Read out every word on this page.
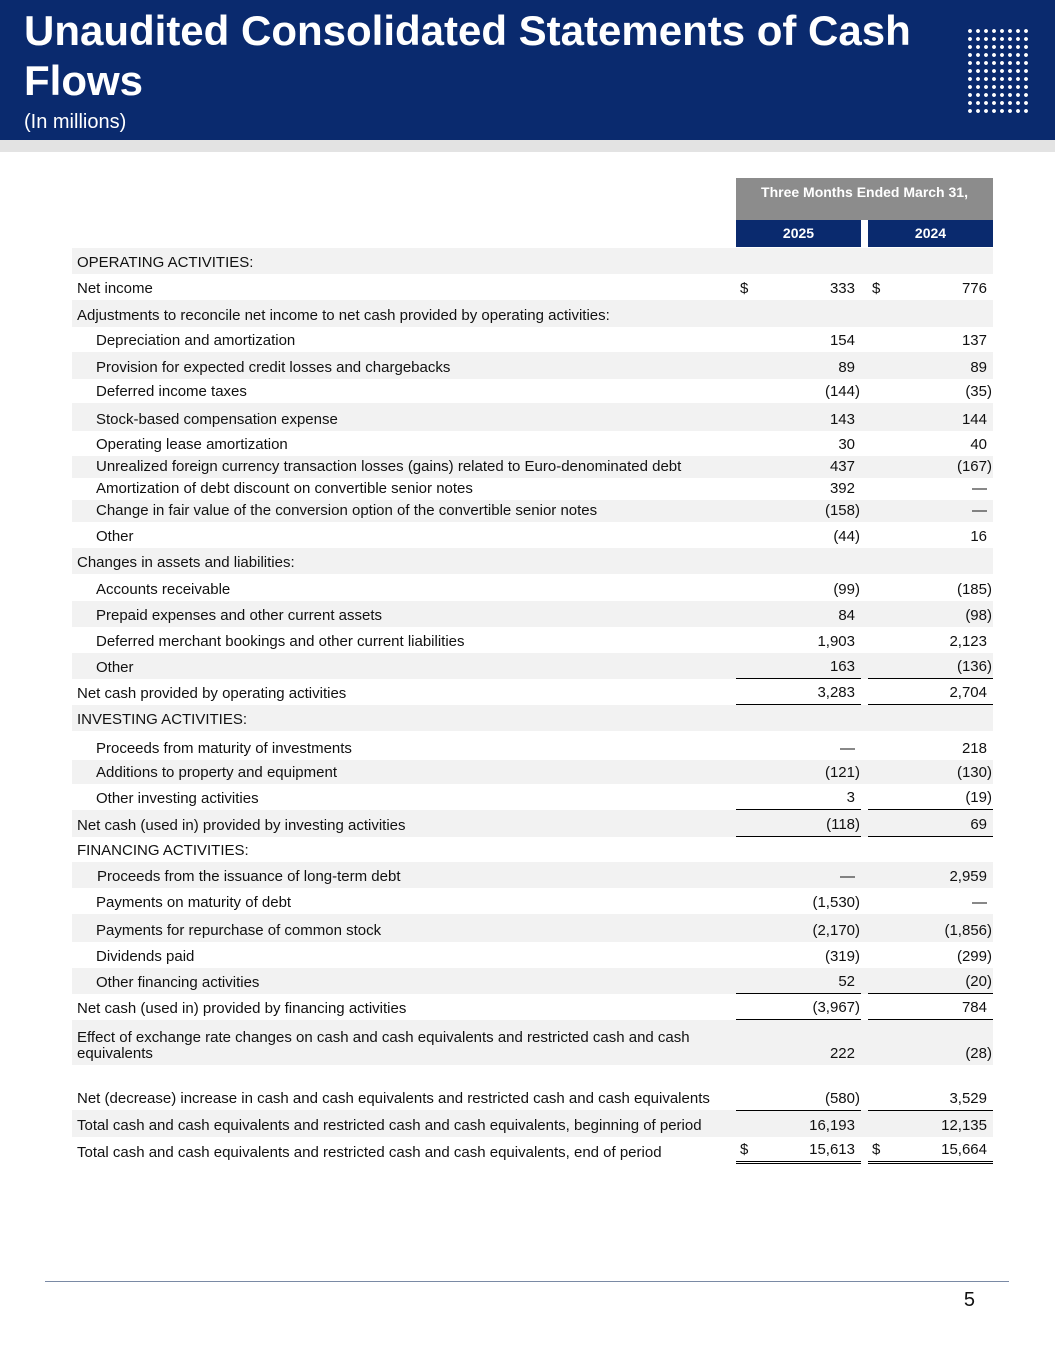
Unaudited Consolidated Statements of Cash Flows
(In millions)
Three Months Ended March 31,
2025	2024
OPERATING ACTIVITIES:
Net income	$	333 $	776
Adjustments to reconcile net income to net cash provided by operating activities:
Depreciation and amortization	154	137
Provision for expected credit losses and chargebacks	89	89
Deferred income taxes	(144)	(35)
Stock-based compensation expense	143	144
Operating lease amortization	30	40
Unrealized foreign currency transaction losses (gains) related to Euro-denominated debt	437	(167)
Amortization of debt discount on convertible senior notes	392	—
Change in fair value of the conversion option of the convertible senior notes	(158)	—
Other	(44)	16
Changes in assets and liabilities:
Accounts receivable	(99)	(185)
Prepaid expenses and other current assets	84	(98)
Deferred merchant bookings and other current liabilities	1,903	2,123
Other	163	(136)
Net cash provided by operating activities	3,283	2,704
INVESTING ACTIVITIES:
Proceeds from maturity of investments	—	218
Additions to property and equipment	(121)	(130)
Other investing activities	3	(19)
Net cash (used in) provided by investing activities	(118)	69
FINANCING ACTIVITIES:
Proceeds from the issuance of long-term debt	—	2,959
Payments on maturity of debt	(1,530)	—
Payments for repurchase of common stock	(2,170)	(1,856)
Dividends paid	(319)	(299)
Other financing activities	52	(20)
Net cash (used in) provided by financing activities	(3,967)	784
Effect of exchange rate changes on cash and cash equivalents and restricted cash and cash equivalents	222	(28)
Net (decrease) increase in cash and cash equivalents and restricted cash and cash equivalents	(580)	3,529
Total cash and cash equivalents and restricted cash and cash equivalents, beginning of period	16,193	12,135
Total cash and cash equivalents and restricted cash and cash equivalents, end of period	$	15,613 $	15,664
5
